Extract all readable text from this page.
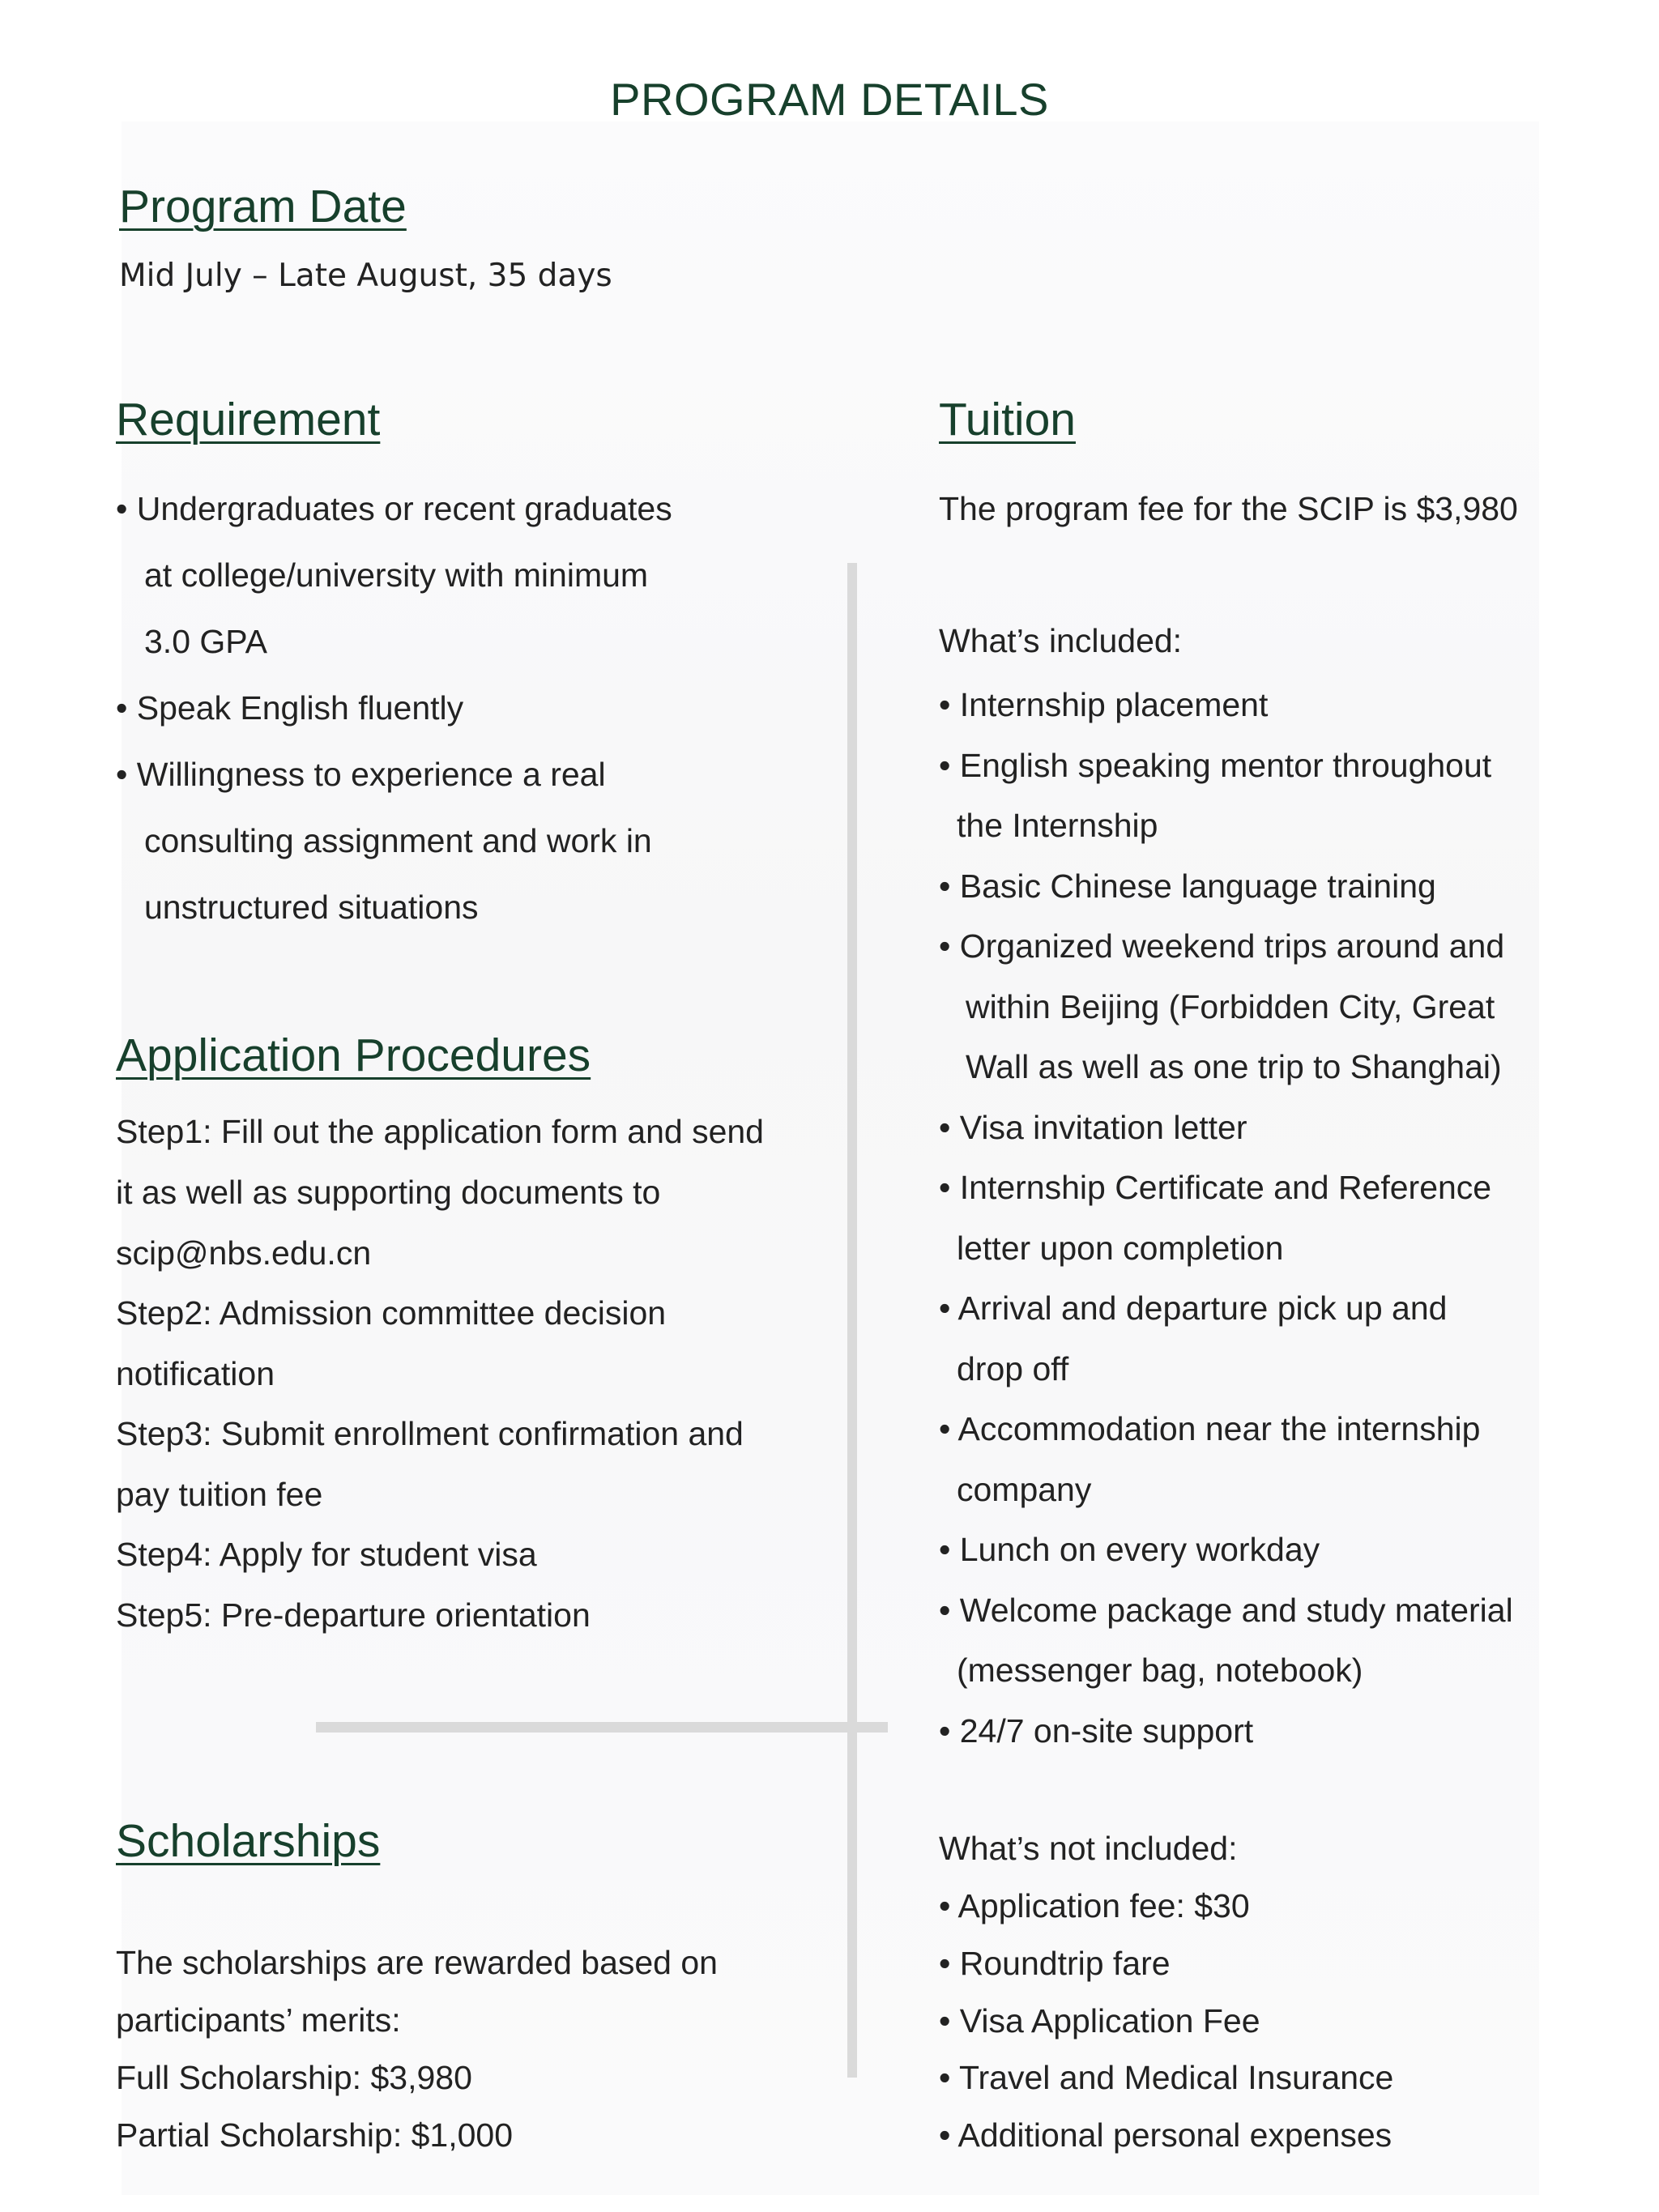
PROGRAM DETAILS
Program Date
Mid July – Late August, 35 days
Requirement
• Undergraduates or recent graduates
at college/university with minimum
3.0 GPA
• Speak English fluently
• Willingness to experience a real
consulting assignment and work in
unstructured situations
Application Procedures
Step1: Fill out the application form and send
it as well as supporting documents to
scip@nbs.edu.cn
Step2: Admission committee decision
notification
Step3: Submit enrollment confirmation and
pay tuition fee
Step4: Apply for student visa
Step5: Pre-departure orientation
Scholarships
The scholarships are rewarded based on
participants’ merits:
Full Scholarship: $3,980
Partial Scholarship: $1,000
Tuition
The program fee for the SCIP is $3,980
What’s included:
• Internship placement
• English speaking mentor throughout
the Internship
• Basic Chinese language training
• Organized weekend trips around and
within Beijing (Forbidden City, Great
Wall as well as one trip to Shanghai)
• Visa invitation letter
• Internship Certificate and Reference
letter upon completion
• Arrival and departure pick up and
drop off
• Accommodation near the internship
company
• Lunch on every workday
• Welcome package and study material
(messenger bag, notebook)
• 24/7 on-site support
What’s not included:
• Application fee: $30
• Roundtrip fare
• Visa Application Fee
• Travel and Medical Insurance
• Additional personal expenses
